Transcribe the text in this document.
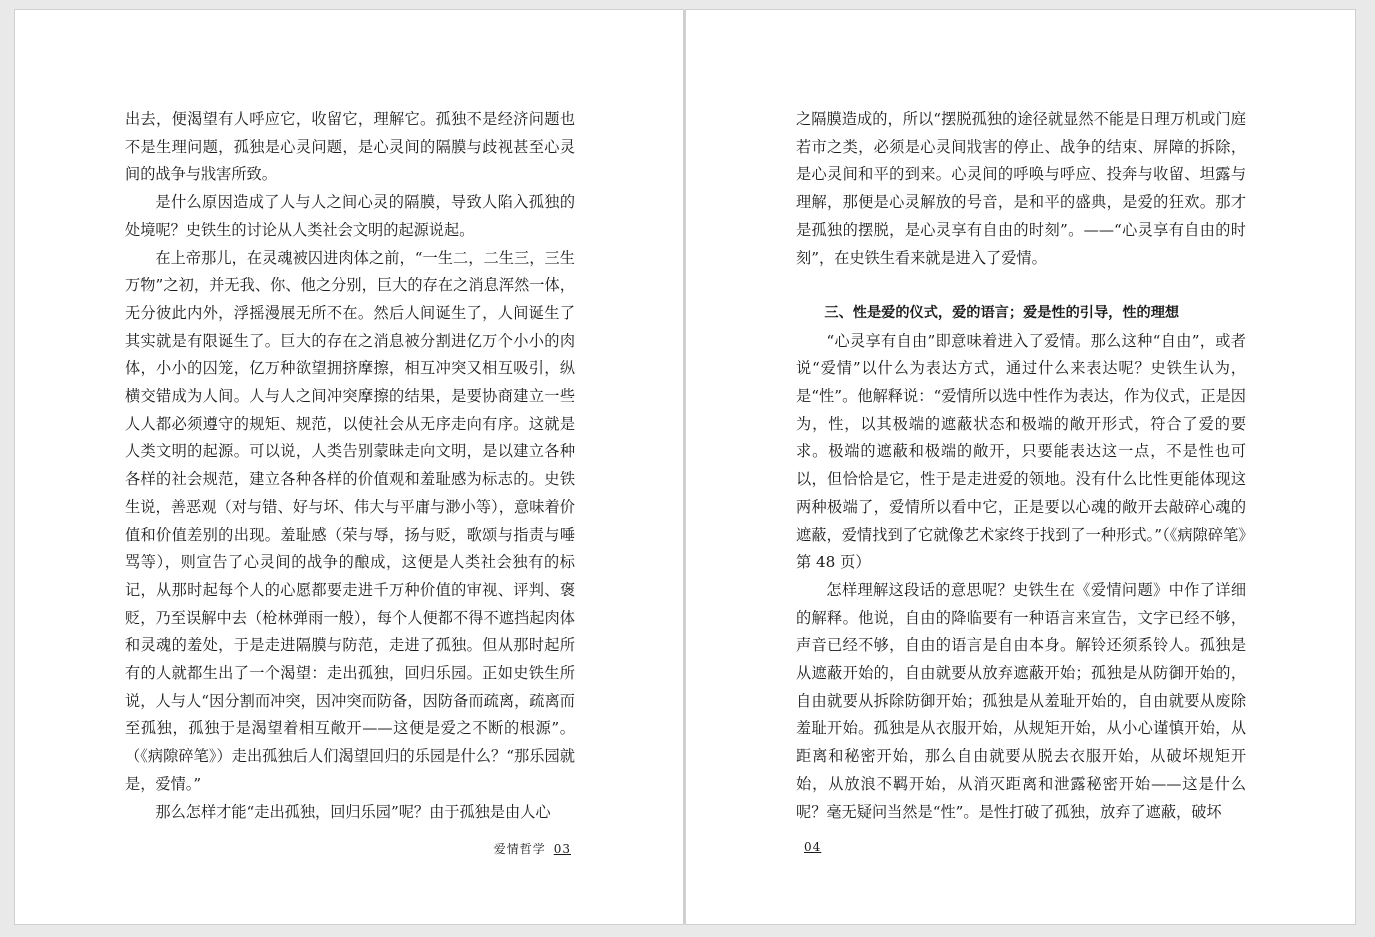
出去，便渴望有人呼应它，收留它，理解它。孤独不是经济问题也不是生理问题，孤独是心灵问题，是心灵间的隔膜与歧视甚至心灵间的战争与戕害所致。

是什么原因造成了人与人之间心灵的隔膜，导致人陷入孤独的处境呢？史铁生的讨论从人类社会文明的起源说起。

在上帝那儿，在灵魂被囚进肉体之前，“一生二，二生三，三生万物”之初，并无我、你、他之分别，巨大的存在之消息浑然一体，无分彼此内外，浮摇漫展无所不在。然后人间诞生了，人间诞生了其实就是有限诞生了。巨大的存在之消息被分割进亿万个小小的肉体，小小的囚笼，亿万种欲望拥挤摩擦，相互冲突又相互吸引，纵横交错成为人间。人与人之间冲突摩擦的结果，是要协商建立一些人人都必须遵守的规矩、规范，以使社会从无序走向有序。这就是人类文明的起源。可以说，人类告别蒙昧走向文明，是以建立各种各样的社会规范，建立各种各样的价值观和羞耻感为标志的。史铁生说，善恶观（对与错、好与坏、伟大与平庸与渺小等），意味着价值和价值差别的出现。羞耻感（荣与辱，扬与贬，歌颂与指责与唾骂等），则宣告了心灵间的战争的酿成，这便是人类社会独有的标记，从那时起每个人的心愿都要走进千万种价值的审视、评判、褒贬，乃至误解中去（枪林弹雨一般），每个人便都不得不遮挡起肉体和灵魂的羞处，于是走进隔膜与防范，走进了孤独。但从那时起所有的人就都生出了一个渴望：走出孤独，回归乐园。正如史铁生所说，人与人“因分割而冲突，因冲突而防备，因防备而疏离，疏离而至孤独，孤独于是渴望着相互敞开——这便是爱之不断的根源”。（《病隙碎笔》）走出孤独后人们渴望回归的乐园是什么？“那乐园就是，爱情。”

那么怎样才能“走出孤独，回归乐园”呢？由于孤独是由人心

爱情哲学 03

之隔膜造成的，所以“摆脱孤独的途径就显然不能是日理万机或门庭若市之类，必须是心灵间戕害的停止、战争的结束、屏障的拆除，是心灵间和平的到来。心灵间的呼唤与呼应、投奔与收留、坦露与理解，那便是心灵解放的号音，是和平的盛典，是爱的狂欢。那才是孤独的摆脱，是心灵享有自由的时刻”。——“心灵享有自由的时刻”，在史铁生看来就是进入了爱情。

三、性是爱的仪式，爱的语言；爱是性的引导，性的理想

“心灵享有自由”即意味着进入了爱情。那么这种“自由”，或者说“爱情”以什么为表达方式，通过什么来表达呢？史铁生认为，是“性”。他解释说：“爱情所以选中性作为表达，作为仪式，正是因为，性，以其极端的遮蔽状态和极端的敞开形式，符合了爱的要求。极端的遮蔽和极端的敞开，只要能表达这一点，不是性也可以，但恰恰是它，性于是走进爱的领地。没有什么比性更能体现这两种极端了，爱情所以看中它，正是要以心魂的敞开去敲碎心魂的遮蔽，爱情找到了它就像艺术家终于找到了一种形式。”（《病隙碎笔》第 48 页）

怎样理解这段话的意思呢？史铁生在《爱情问题》中作了详细的解释。他说，自由的降临要有一种语言来宣告，文字已经不够，声音已经不够，自由的语言是自由本身。解铃还须系铃人。孤独是从遮蔽开始的，自由就要从放弃遮蔽开始；孤独是从防御开始的，自由就要从拆除防御开始；孤独是从羞耻开始的，自由就要从废除羞耻开始。孤独是从衣服开始，从规矩开始，从小心谨慎开始，从距离和秘密开始，那么自由就要从脱去衣服开始，从破坏规矩开始，从放浪不羁开始，从消灭距离和泄露秘密开始——这是什么呢？毫无疑问当然是“性”。是性打破了孤独，放弃了遮蔽，破坏

04
